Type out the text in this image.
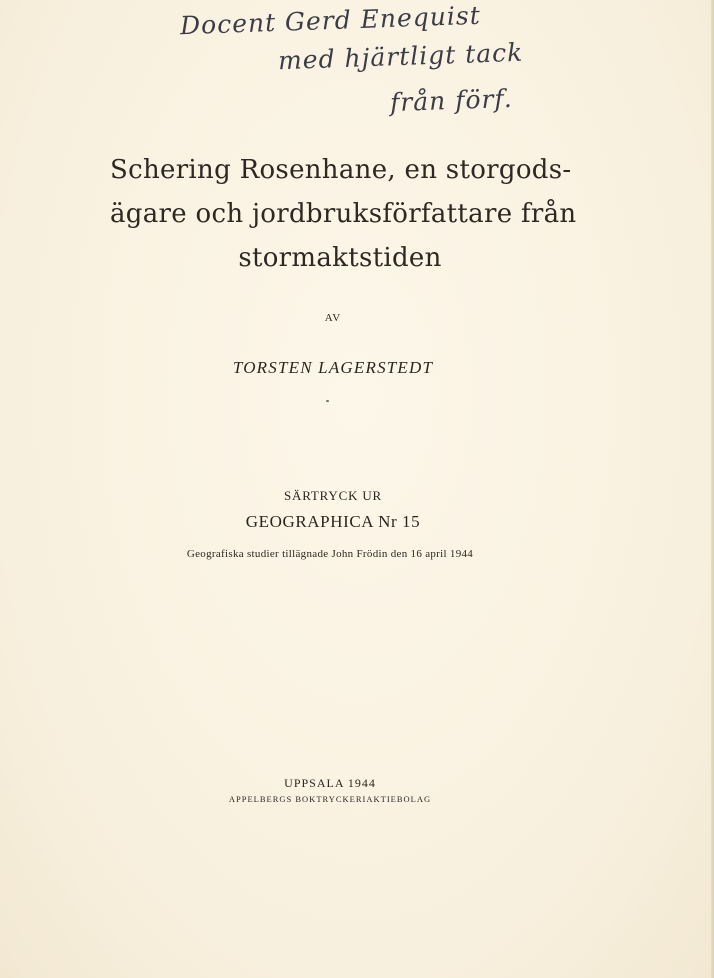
Docent Gerd Enequist
med hjärtligt tack
från förf.
Schering Rosenhane, en storgods-
ägare och jordbruksförfattare från
stormaktstiden
AV
TORSTEN LAGERSTEDT
SÄRTRYCK UR
GEOGRAPHICA Nr 15
Geografiska studier tillägnade John Frödin den 16 april 1944
UPPSALA 1944
APPELBERGS BOKTRYCKERIAKTIEBOLAG
